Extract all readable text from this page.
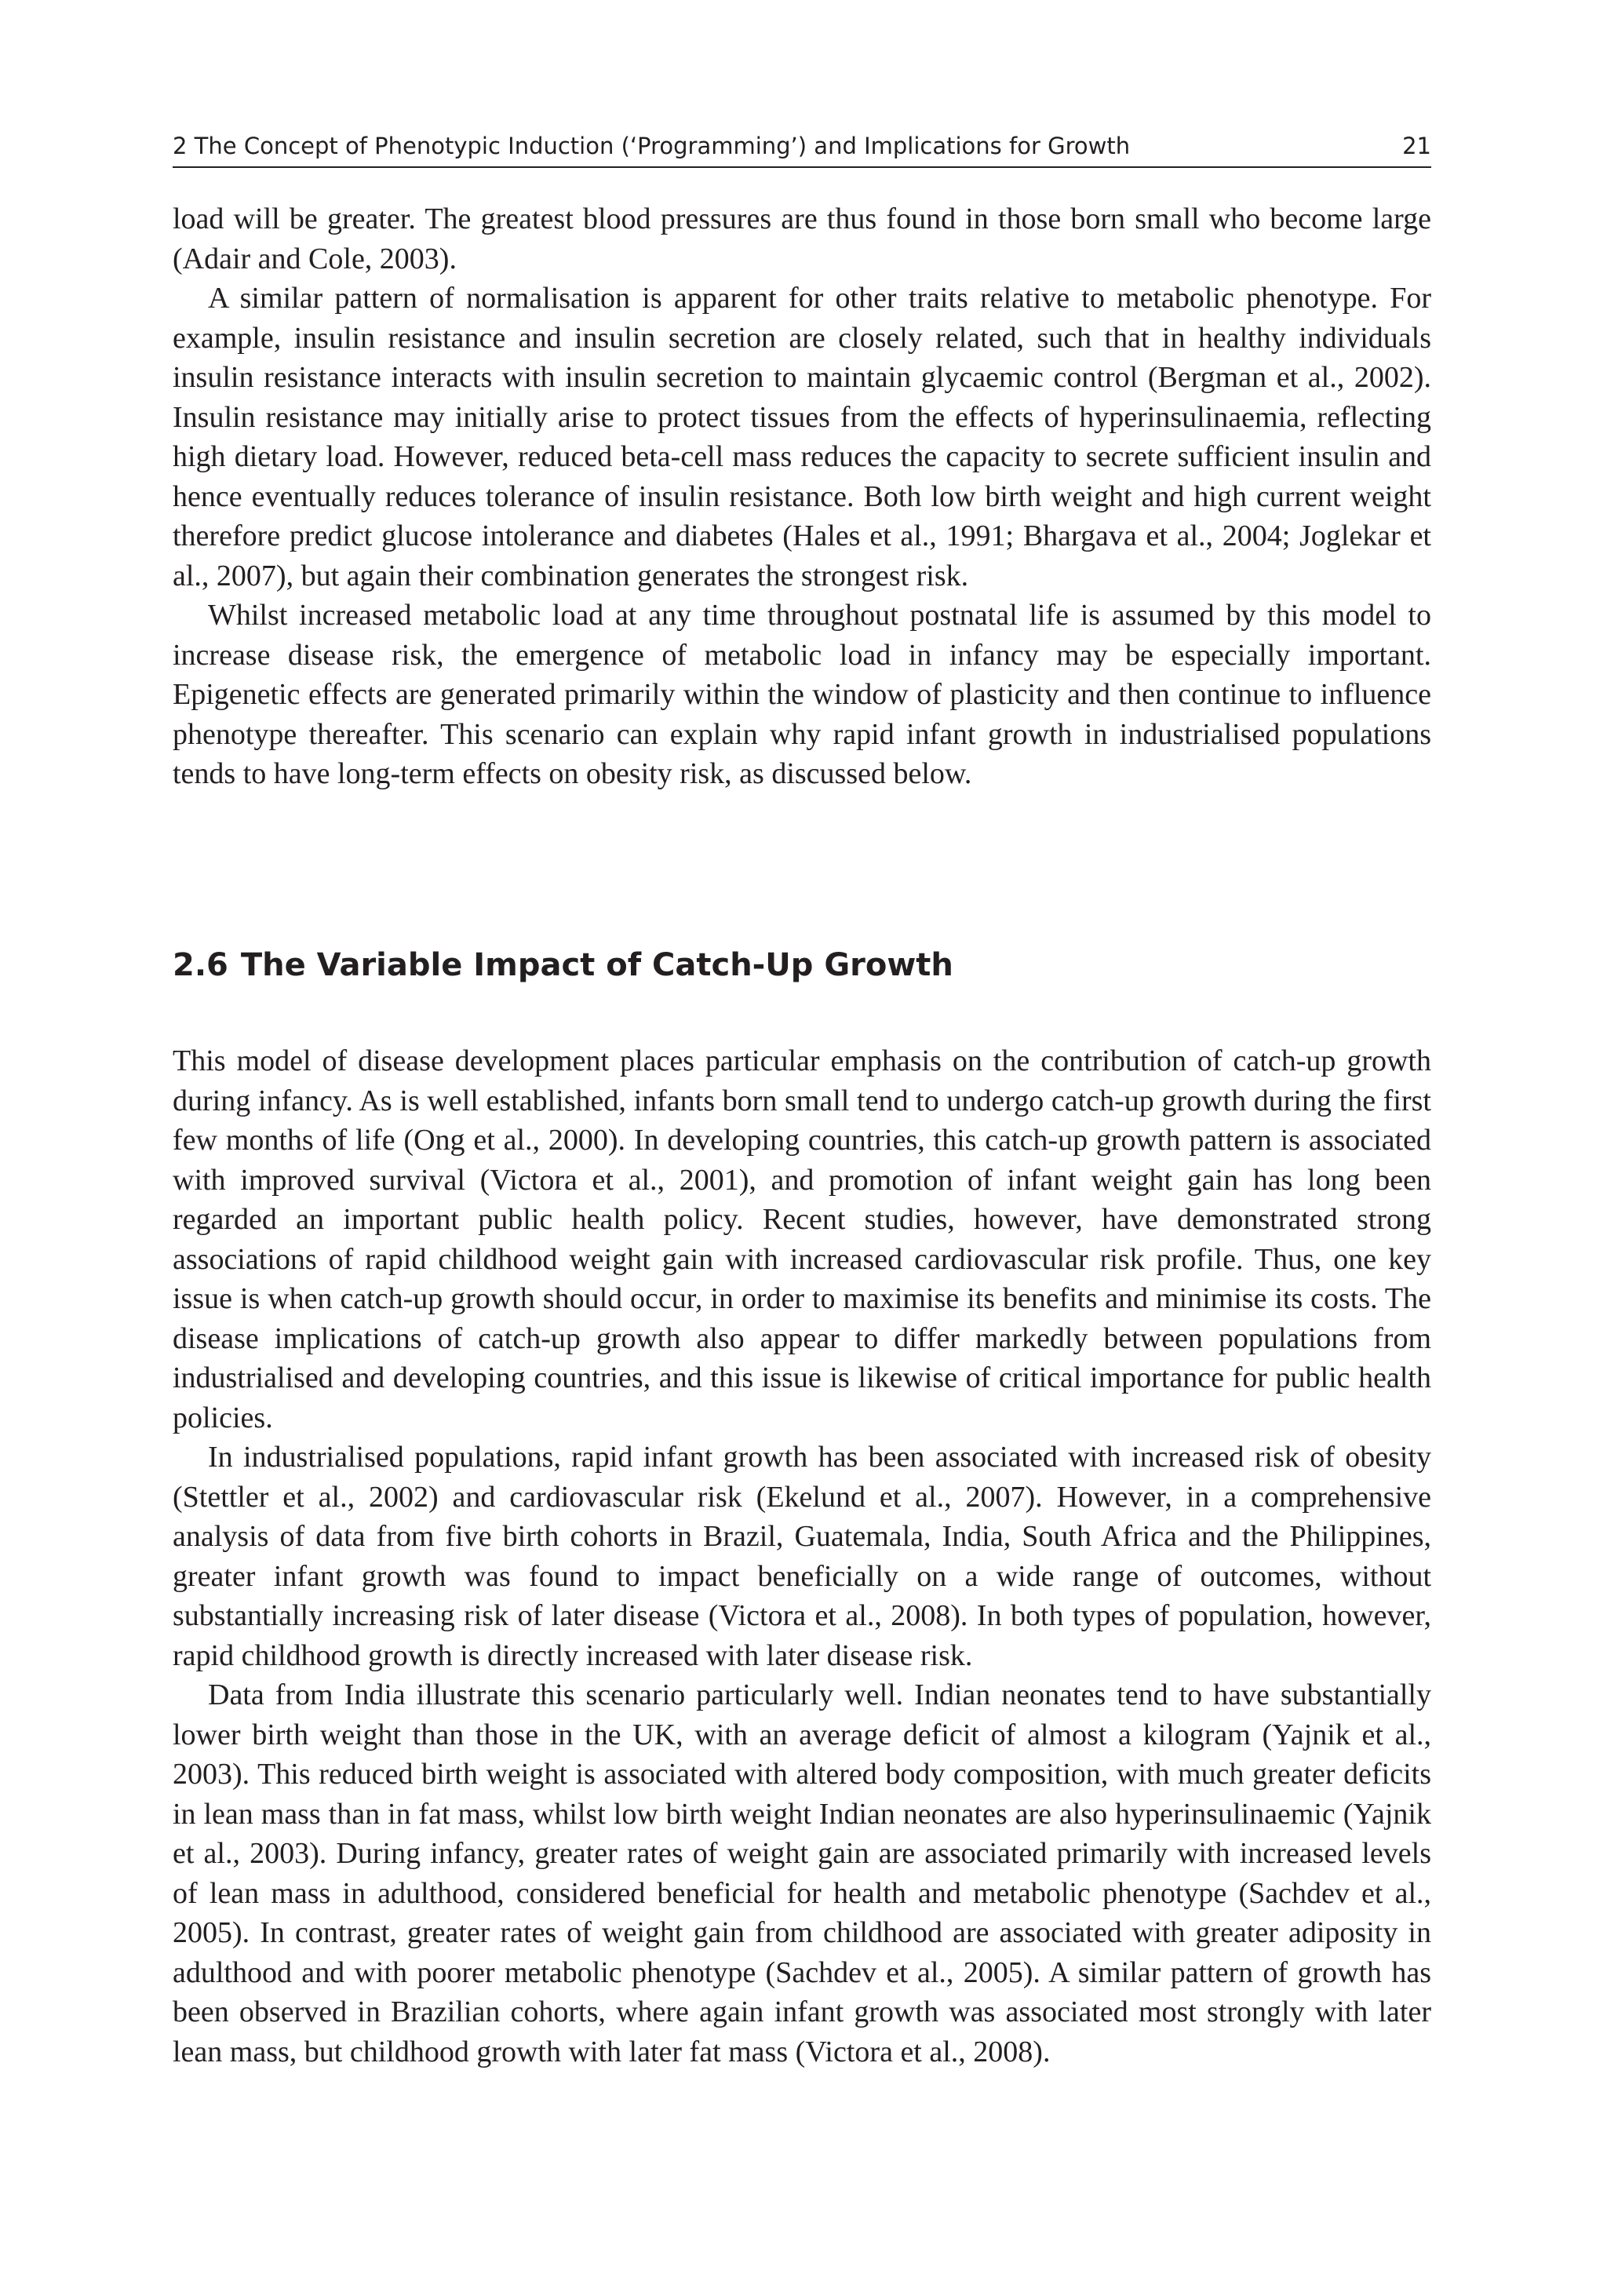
2 The Concept of Phenotypic Induction (‘Programming’) and Implications for Growth	21

load will be greater. The greatest blood pressures are thus found in those born small who become large (Adair and Cole, 2003).

A similar pattern of normalisation is apparent for other traits relative to metabolic phenotype. For example, insulin resistance and insulin secretion are closely related, such that in healthy individuals insulin resistance interacts with insulin secretion to maintain glycaemic control (Bergman et al., 2002). Insulin resistance may initially arise to protect tissues from the effects of hyperinsulinaemia, reflecting high dietary load. However, reduced beta-cell mass reduces the capacity to secrete sufficient insulin and hence eventually reduces tolerance of insulin resistance. Both low birth weight and high current weight therefore predict glucose intolerance and diabetes (Hales et al., 1991; Bhargava et al., 2004; Joglekar et al., 2007), but again their combination generates the strongest risk.

Whilst increased metabolic load at any time throughout postnatal life is assumed by this model to increase disease risk, the emergence of metabolic load in infancy may be especially important. Epigenetic effects are generated primarily within the window of plasticity and then continue to influence phenotype thereafter. This scenario can explain why rapid infant growth in industrialised populations tends to have long-term effects on obesity risk, as discussed below.

2.6 The Variable Impact of Catch-Up Growth

This model of disease development places particular emphasis on the contribution of catch-up growth during infancy. As is well established, infants born small tend to undergo catch-up growth during the first few months of life (Ong et al., 2000). In developing countries, this catch-up growth pattern is associated with improved survival (Victora et al., 2001), and promotion of infant weight gain has long been regarded an important public health policy. Recent studies, however, have demonstrated strong associations of rapid childhood weight gain with increased cardiovascular risk profile. Thus, one key issue is when catch-up growth should occur, in order to maximise its benefits and minimise its costs. The disease implications of catch-up growth also appear to differ markedly between populations from industrialised and developing countries, and this issue is likewise of critical importance for public health policies.

In industrialised populations, rapid infant growth has been associated with increased risk of obesity (Stettler et al., 2002) and cardiovascular risk (Ekelund et al., 2007). However, in a comprehensive analysis of data from five birth cohorts in Brazil, Guatemala, India, South Africa and the Philippines, greater infant growth was found to impact beneficially on a wide range of outcomes, without substantially increasing risk of later disease (Victora et al., 2008). In both types of population, however, rapid childhood growth is directly increased with later disease risk.

Data from India illustrate this scenario particularly well. Indian neonates tend to have substantially lower birth weight than those in the UK, with an average deficit of almost a kilogram (Yajnik et al., 2003). This reduced birth weight is associated with altered body composition, with much greater deficits in lean mass than in fat mass, whilst low birth weight Indian neonates are also hyperinsulinaemic (Yajnik et al., 2003). During infancy, greater rates of weight gain are associated primarily with increased levels of lean mass in adulthood, considered beneficial for health and metabolic phenotype (Sachdev et al., 2005). In contrast, greater rates of weight gain from childhood are associated with greater adiposity in adulthood and with poorer metabolic phenotype (Sachdev et al., 2005). A similar pattern of growth has been observed in Brazilian cohorts, where again infant growth was associated most strongly with later lean mass, but childhood growth with later fat mass (Victora et al., 2008).
